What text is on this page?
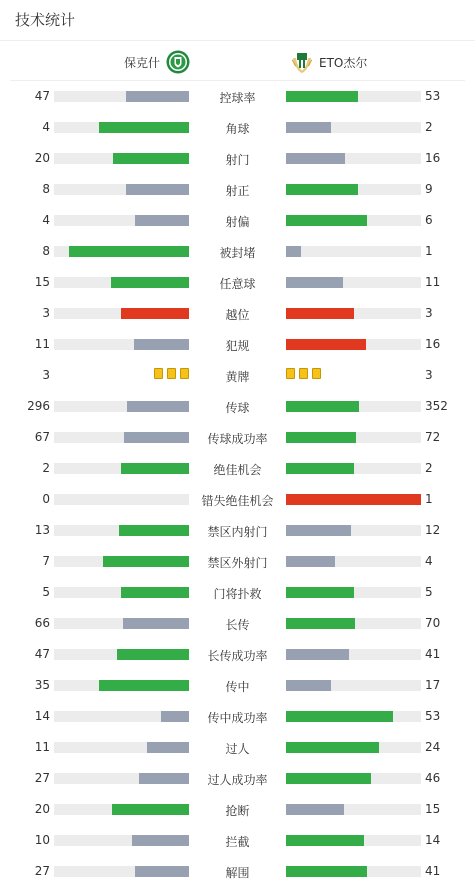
技术统计
保克什	ETO杰尔
47	控球率	53
4	角球	2
20	射门	16
8	射正	9
4	射偏	6
8	被封堵	1
15	任意球	11
3	越位	3
11	犯规	16
3	黄牌	3
296	传球	352
67	传球成功率	72
2	绝佳机会	2
0	错失绝佳机会	1
13	禁区内射门	12
7	禁区外射门	4
5	门将扑救	5
66	长传	70
47	长传成功率	41
35	传中	17
14	传中成功率	53
11	过人	24
27	过人成功率	46
20	抢断	15
10	拦截	14
27	解围	41
